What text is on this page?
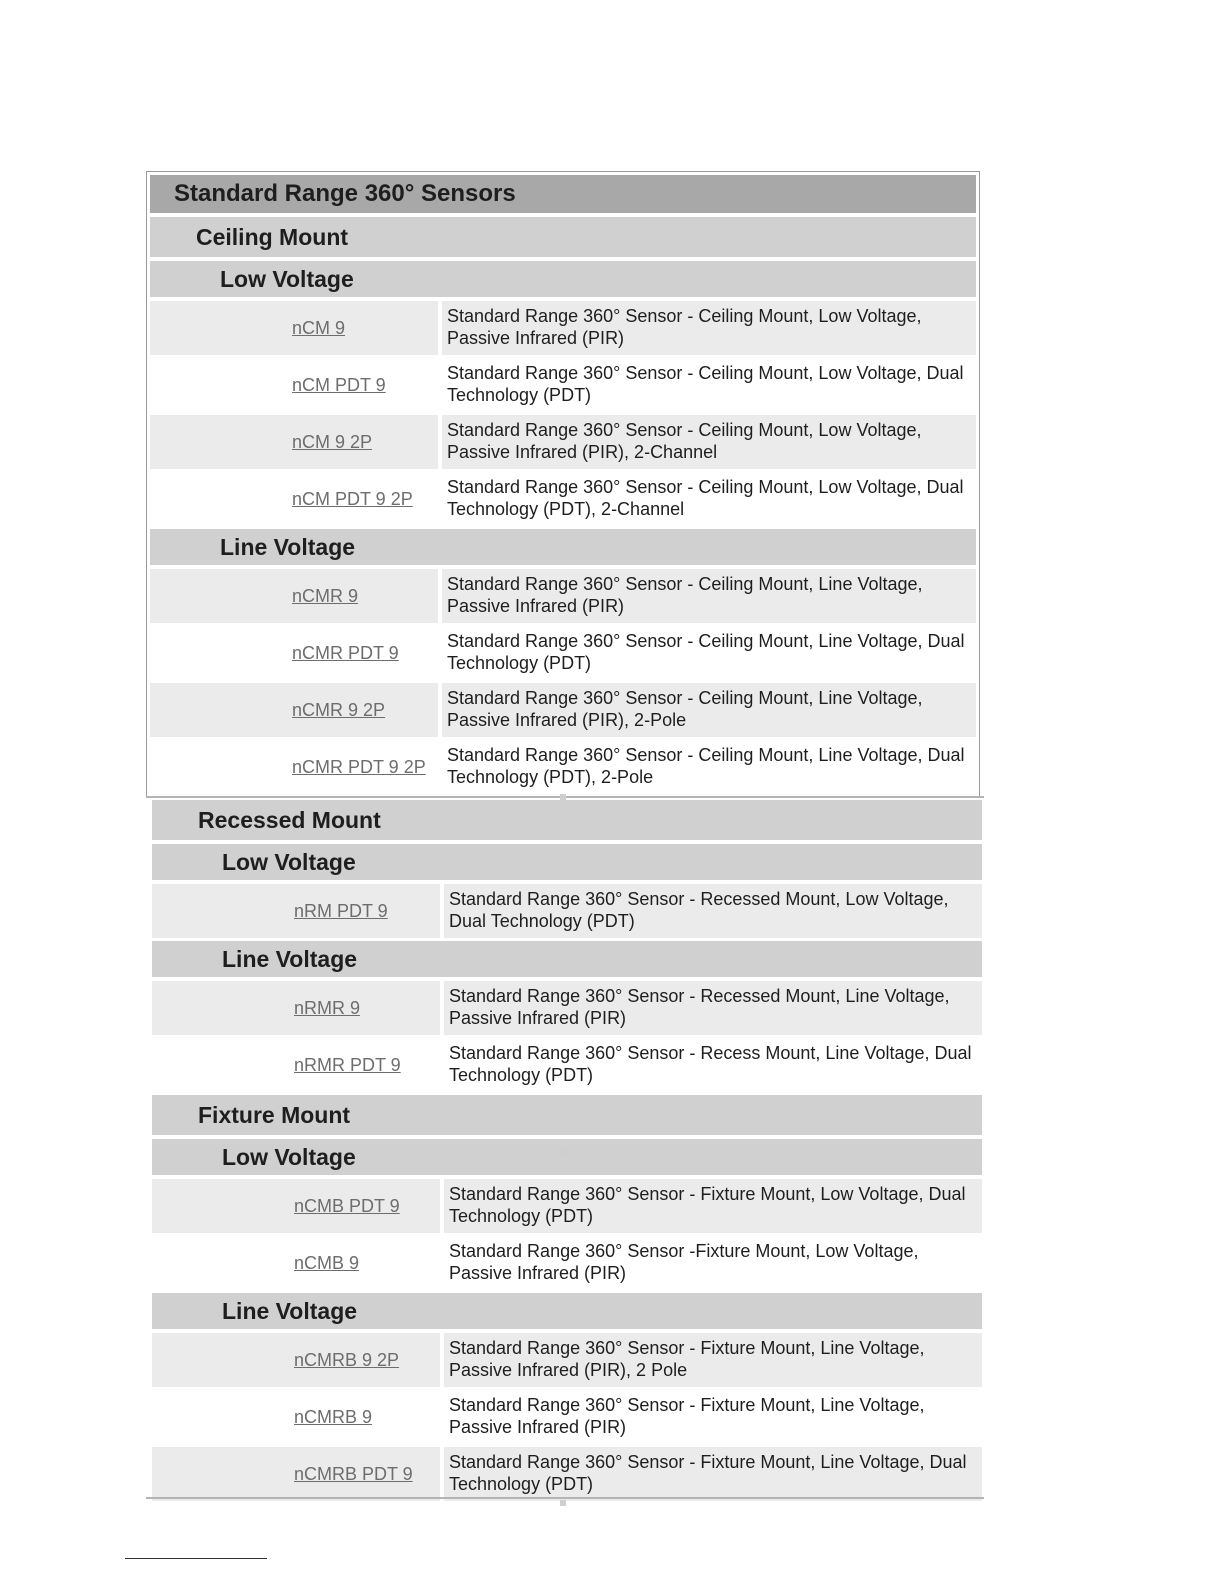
Standard Range 360° Sensors
Ceiling Mount
Low Voltage
nCM 9
Standard Range 360° Sensor - Ceiling Mount, Low Voltage, Passive Infrared (PIR)
nCM PDT 9
Standard Range 360° Sensor - Ceiling Mount, Low Voltage, Dual Technology (PDT)
nCM 9 2P
Standard Range 360° Sensor - Ceiling Mount, Low Voltage, Passive Infrared (PIR), 2-Channel
nCM PDT 9 2P
Standard Range 360° Sensor - Ceiling Mount, Low Voltage, Dual Technology (PDT), 2-Channel
Line Voltage
nCMR 9
Standard Range 360° Sensor - Ceiling Mount, Line Voltage, Passive Infrared (PIR)
nCMR PDT 9
Standard Range 360° Sensor - Ceiling Mount, Line Voltage, Dual Technology (PDT)
nCMR 9 2P
Standard Range 360° Sensor - Ceiling Mount, Line Voltage, Passive Infrared (PIR), 2-Pole
nCMR PDT 9 2P
Standard Range 360° Sensor - Ceiling Mount, Line Voltage, Dual Technology (PDT), 2-Pole
Recessed Mount
Low Voltage
nRM PDT 9
Standard Range 360° Sensor - Recessed Mount, Low Voltage, Dual Technology (PDT)
Line Voltage
nRMR 9
Standard Range 360° Sensor - Recessed Mount, Line Voltage, Passive Infrared (PIR)
nRMR PDT 9
Standard Range 360° Sensor - Recess Mount, Line Voltage, Dual Technology (PDT)
Fixture Mount
Low Voltage
nCMB PDT 9
Standard Range 360° Sensor - Fixture Mount, Low Voltage, Dual Technology (PDT)
nCMB 9
Standard Range 360° Sensor -Fixture Mount, Low Voltage, Passive Infrared (PIR)
Line Voltage
nCMRB 9 2P
Standard Range 360° Sensor - Fixture Mount, Line Voltage, Passive Infrared (PIR), 2 Pole
nCMRB 9
Standard Range 360° Sensor - Fixture Mount, Line Voltage, Passive Infrared (PIR)
nCMRB PDT 9
Standard Range 360° Sensor - Fixture Mount, Line Voltage, Dual Technology (PDT)
